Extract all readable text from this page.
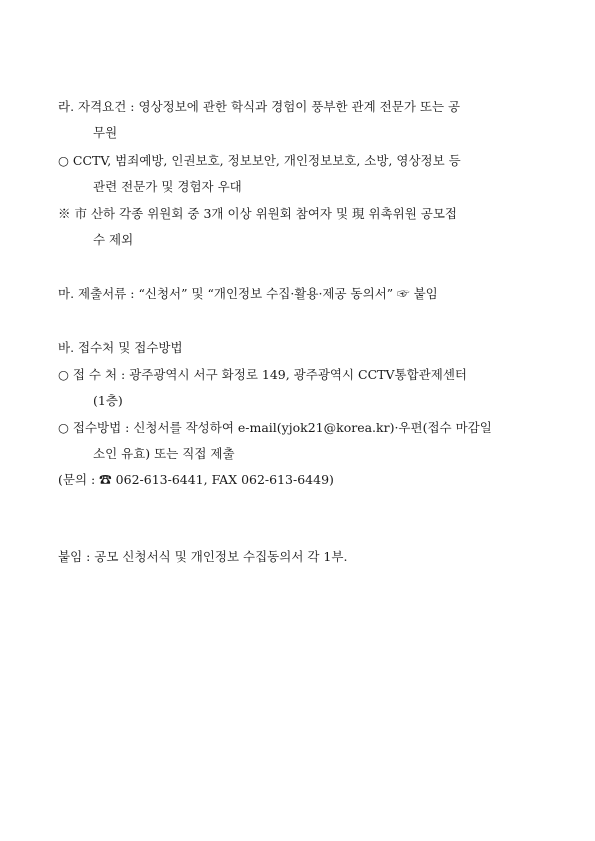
라. 자격요건 : 영상정보에 관한 학식과 경험이 풍부한 관계 전문가 또는 공

무원

○ CCTV, 범죄예방, 인권보호, 정보보안, 개인정보보호, 소방, 영상정보 등

관련 전문가 및 경험자 우대

※ 市 산하 각종 위원회 중 3개 이상 위원회 참여자 및 現 위촉위원 공모접

수 제외

마. 제출서류 : “신청서” 및 “개인정보 수집·활용·제공 동의서” ☞ 붙임

바. 접수처 및 접수방법

○ 접 수 처 : 광주광역시 서구 화정로 149, 광주광역시 CCTV통합관제센터

(1층)

○ 접수방법 : 신청서를 작성하여 e-mail(yjok21@korea.kr)·우편(접수 마감일

소인 유효) 또는 직접 제출

(문의 : ☎ 062-613-6441, FAX 062-613-6449)

붙임 : 공모 신청서식 및 개인정보 수집동의서 각 1부.
